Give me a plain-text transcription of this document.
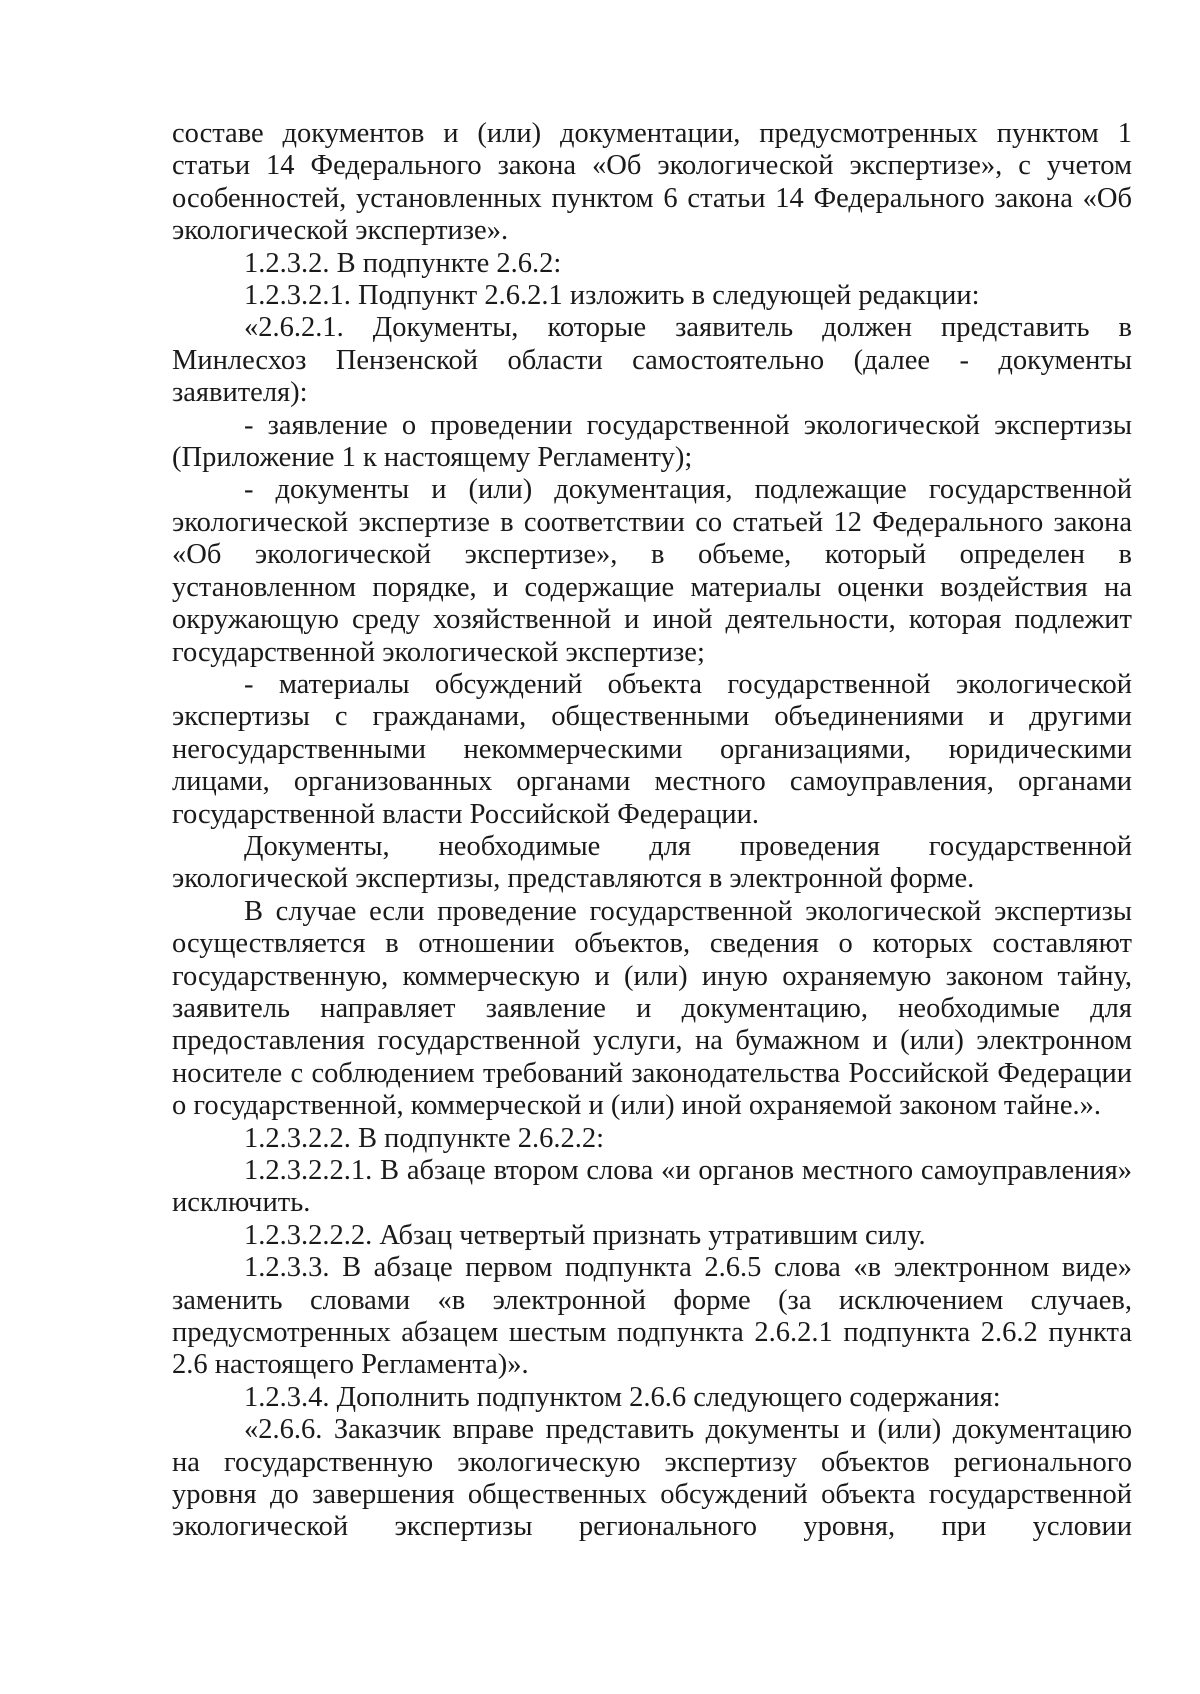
составе документов и (или) документации, предусмотренных пунктом 1 статьи 14 Федерального закона «Об экологической экспертизе», с учетом особенностей, установленных пунктом 6 статьи 14 Федерального закона «Об экологической экспертизе».

1.2.3.2. В подпункте 2.6.2:

1.2.3.2.1. Подпункт 2.6.2.1 изложить в следующей редакции:

«2.6.2.1. Документы, которые заявитель должен представить в Минлесхоз Пензенской области самостоятельно (далее - документы заявителя):

- заявление о проведении государственной экологической экспертизы (Приложение 1 к настоящему Регламенту);

- документы и (или) документация, подлежащие государственной экологической экспертизе в соответствии со статьей 12 Федерального закона «Об экологической экспертизе», в объеме, который определен в установленном порядке, и содержащие материалы оценки воздействия на окружающую среду хозяйственной и иной деятельности, которая подлежит государственной экологической экспертизе;

- материалы обсуждений объекта государственной экологической экспертизы с гражданами, общественными объединениями и другими негосударственными некоммерческими организациями, юридическими лицами, организованных органами местного самоуправления, органами государственной власти Российской Федерации.

Документы, необходимые для проведения государственной экологической экспертизы, представляются в электронной форме.

В случае если проведение государственной экологической экспертизы осуществляется в отношении объектов, сведения о которых составляют государственную, коммерческую и (или) иную охраняемую законом тайну, заявитель направляет заявление и документацию, необходимые для предоставления государственной услуги, на бумажном и (или) электронном носителе с соблюдением требований законодательства Российской Федерации о государственной, коммерческой и (или) иной охраняемой законом тайне.».

1.2.3.2.2. В подпункте 2.6.2.2:

1.2.3.2.2.1. В абзаце втором слова «и органов местного самоуправления» исключить.

1.2.3.2.2.2. Абзац четвертый признать утратившим силу.

1.2.3.3. В абзаце первом подпункта 2.6.5 слова «в электронном виде» заменить словами «в электронной форме (за исключением случаев, предусмотренных абзацем шестым подпункта 2.6.2.1 подпункта 2.6.2 пункта 2.6 настоящего Регламента)».

1.2.3.4. Дополнить подпунктом 2.6.6 следующего содержания:

«2.6.6. Заказчик вправе представить документы и (или) документацию на государственную экологическую экспертизу объектов регионального уровня до завершения общественных обсуждений объекта государственной экологической экспертизы регионального уровня, при условии
